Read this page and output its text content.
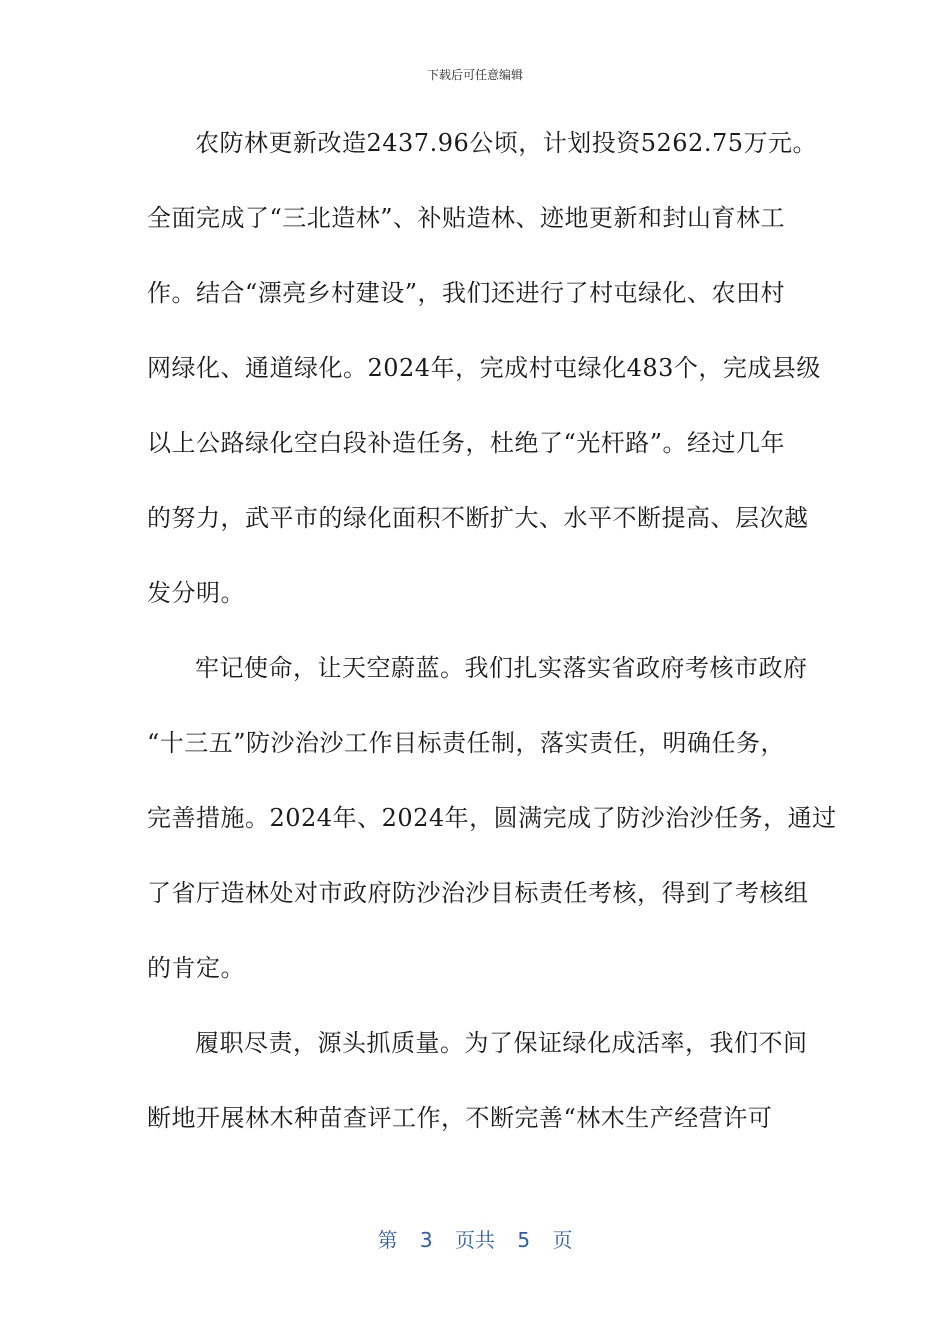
下载后可任意编辑
农防林更新改造2437.96公顷，计划投资5262.75万元。
全面完成了“三北造林”、补贴造林、迹地更新和封山育林工
作。结合“漂亮乡村建设”，我们还进行了村屯绿化、农田村
网绿化、通道绿化。2024年，完成村屯绿化483个，完成县级
以上公路绿化空白段补造任务，杜绝了“光杆路”。经过几年
的努力，武平市的绿化面积不断扩大、水平不断提高、层次越
发分明。
牢记使命，让天空蔚蓝。我们扎实落实省政府考核市政府
“十三五”防沙治沙工作目标责任制，落实责任，明确任务，
完善措施。2024年、2024年，圆满完成了防沙治沙任务，通过
了省厅造林处对市政府防沙治沙目标责任考核，得到了考核组
的肯定。
履职尽责，源头抓质量。为了保证绿化成活率，我们不间
断地开展林木种苗查评工作，不断完善“林木生产经营许可
第 3 页共 5 页
